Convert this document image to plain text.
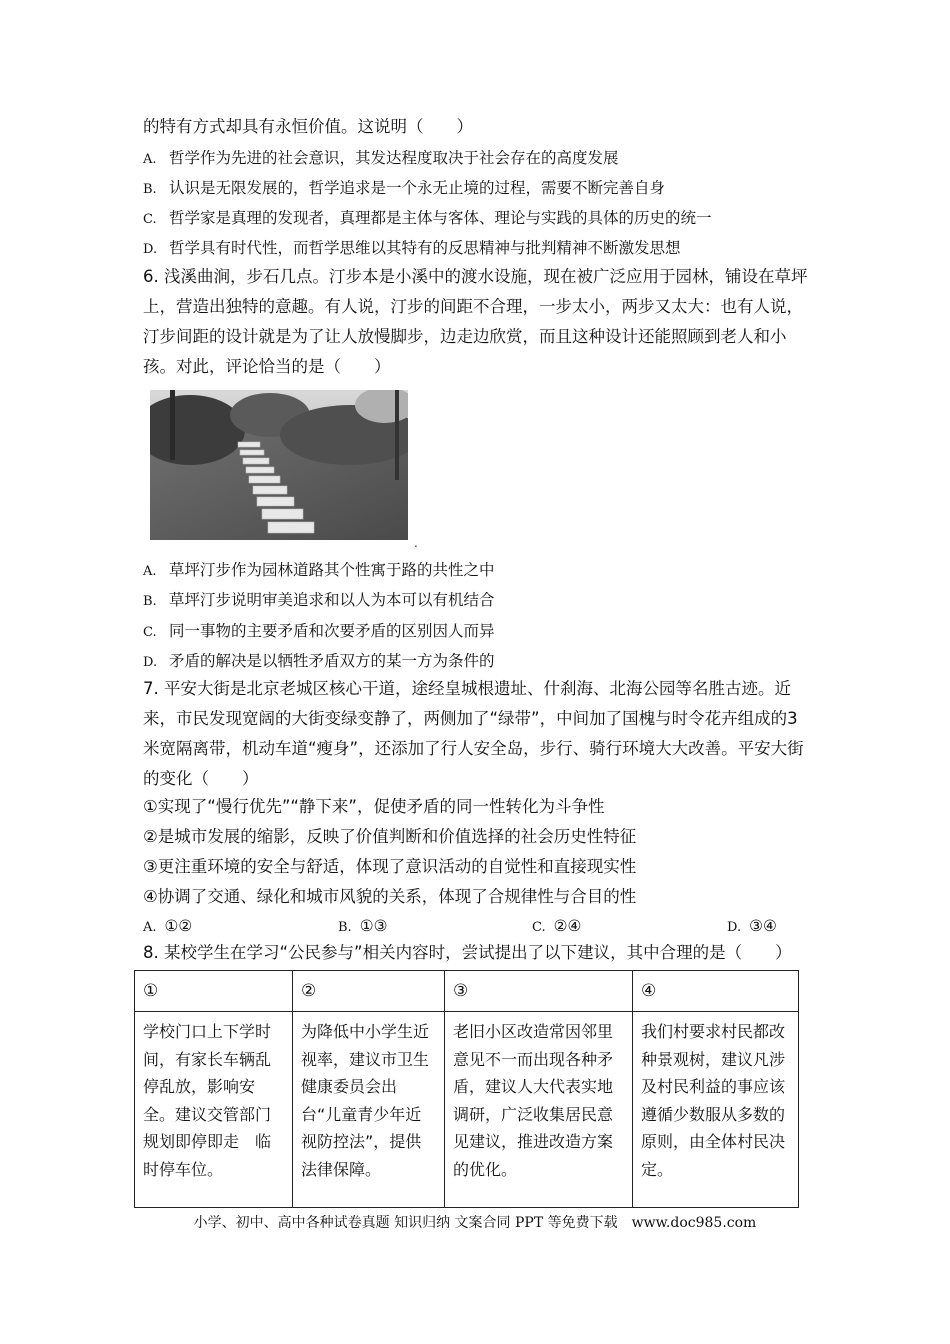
的特有方式却具有永恒价值。这说明（　　）
A. 哲学作为先进的社会意识，其发达程度取决于社会存在的高度发展
B. 认识是无限发展的，哲学追求是一个永无止境的过程，需要不断完善自身
C. 哲学家是真理的发现者，真理都是主体与客体、理论与实践的具体的历史的统一
D. 哲学具有时代性，而哲学思维以其特有的反思精神与批判精神不断激发思想
6. 浅溪曲涧，步石几点。汀步本是小溪中的渡水设施，现在被广泛应用于园林，铺设在草坪上，营造出独特的意趣。有人说，汀步的间距不合理，一步太小，两步又太大：也有人说，汀步间距的设计就是为了让人放慢脚步，边走边欣赏，而且这种设计还能照顾到老人和小孩。对此，评论恰当的是（　　）
.
A. 草坪汀步作为园林道路其个性寓于路的共性之中
B. 草坪汀步说明审美追求和以人为本可以有机结合
C. 同一事物的主要矛盾和次要矛盾的区别因人而异
D. 矛盾的解决是以牺牲矛盾双方的某一方为条件的
7. 平安大街是北京老城区核心干道，途经皇城根遗址、什刹海、北海公园等名胜古迹。近来，市民发现宽阔的大街变绿变静了，两侧加了“绿带”，中间加了国槐与时令花卉组成的3米宽隔离带，机动车道“瘦身”，还添加了行人安全岛，步行、骑行环境大大改善。平安大街的变化（　　）
①实现了“慢行优先”“静下来”，促使矛盾的同一性转化为斗争性
②是城市发展的缩影，反映了价值判断和价值选择的社会历史性特征
③更注重环境的安全与舒适，体现了意识活动的自觉性和直接现实性
④协调了交通、绿化和城市风貌的关系，体现了合规律性与合目的性
A. ①②	B. ①③	C. ②④	D. ③④
8. 某校学生在学习“公民参与”相关内容时，尝试提出了以下建议，其中合理的是（　　）
①	②	③	④
学校门口上下学时间，有家长车辆乱停乱放，影响安全。建议交管部门规划即停即走　临时停车位。	为降低中小学生近视率，建议市卫生健康委员会出台“儿童青少年近视防控法”，提供法律保障。	老旧小区改造常因邻里意见不一而出现各种矛盾，建议人大代表实地调研，广泛收集居民意见建议，推进改造方案的优化。	我们村要求村民都改种景观树，建议凡涉及村民利益的事应该遵循少数服从多数的原则，由全体村民决定。
小学、初中、高中各种试卷真题 知识归纳 文案合同 PPT 等免费下载　www.doc985.com
